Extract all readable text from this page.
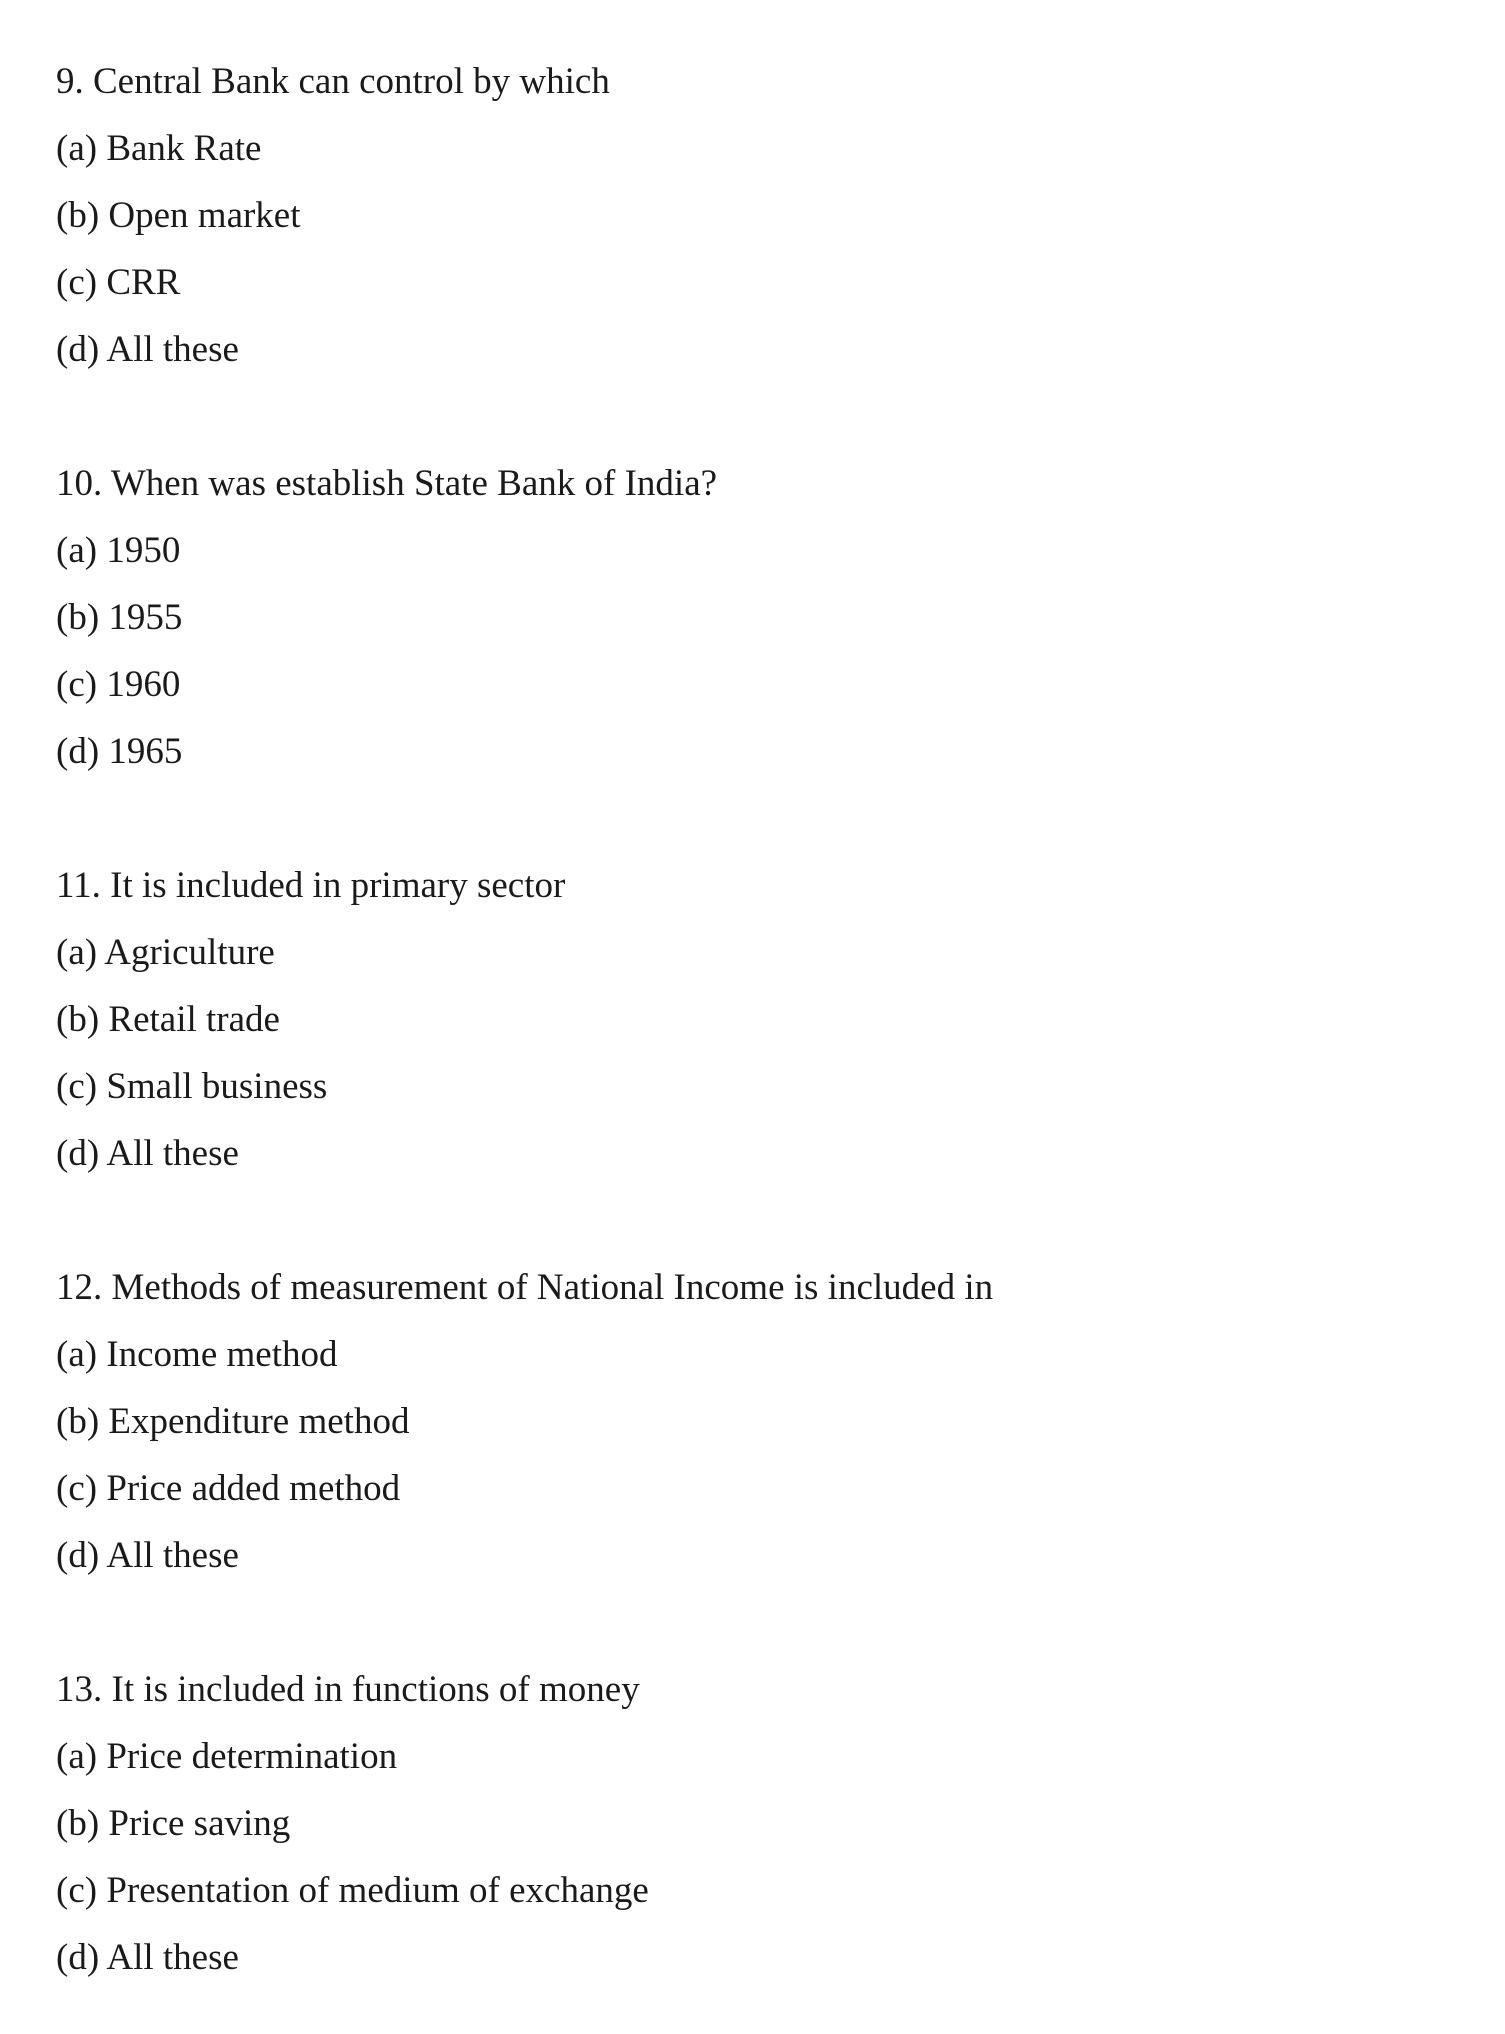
9. Central Bank can control by which

(a) Bank Rate

(b) Open market

(c) CRR

(d) All these

10. When was establish State Bank of India?

(a) 1950

(b) 1955

(c) 1960

(d) 1965

11. It is included in primary sector

(a) Agriculture

(b) Retail trade

(c) Small business

(d) All these

12. Methods of measurement of National Income is included in

(a) Income method

(b) Expenditure method

(c) Price added method

(d) All these

13. It is included in functions of money

(a) Price determination

(b) Price saving

(c) Presentation of medium of exchange

(d) All these
